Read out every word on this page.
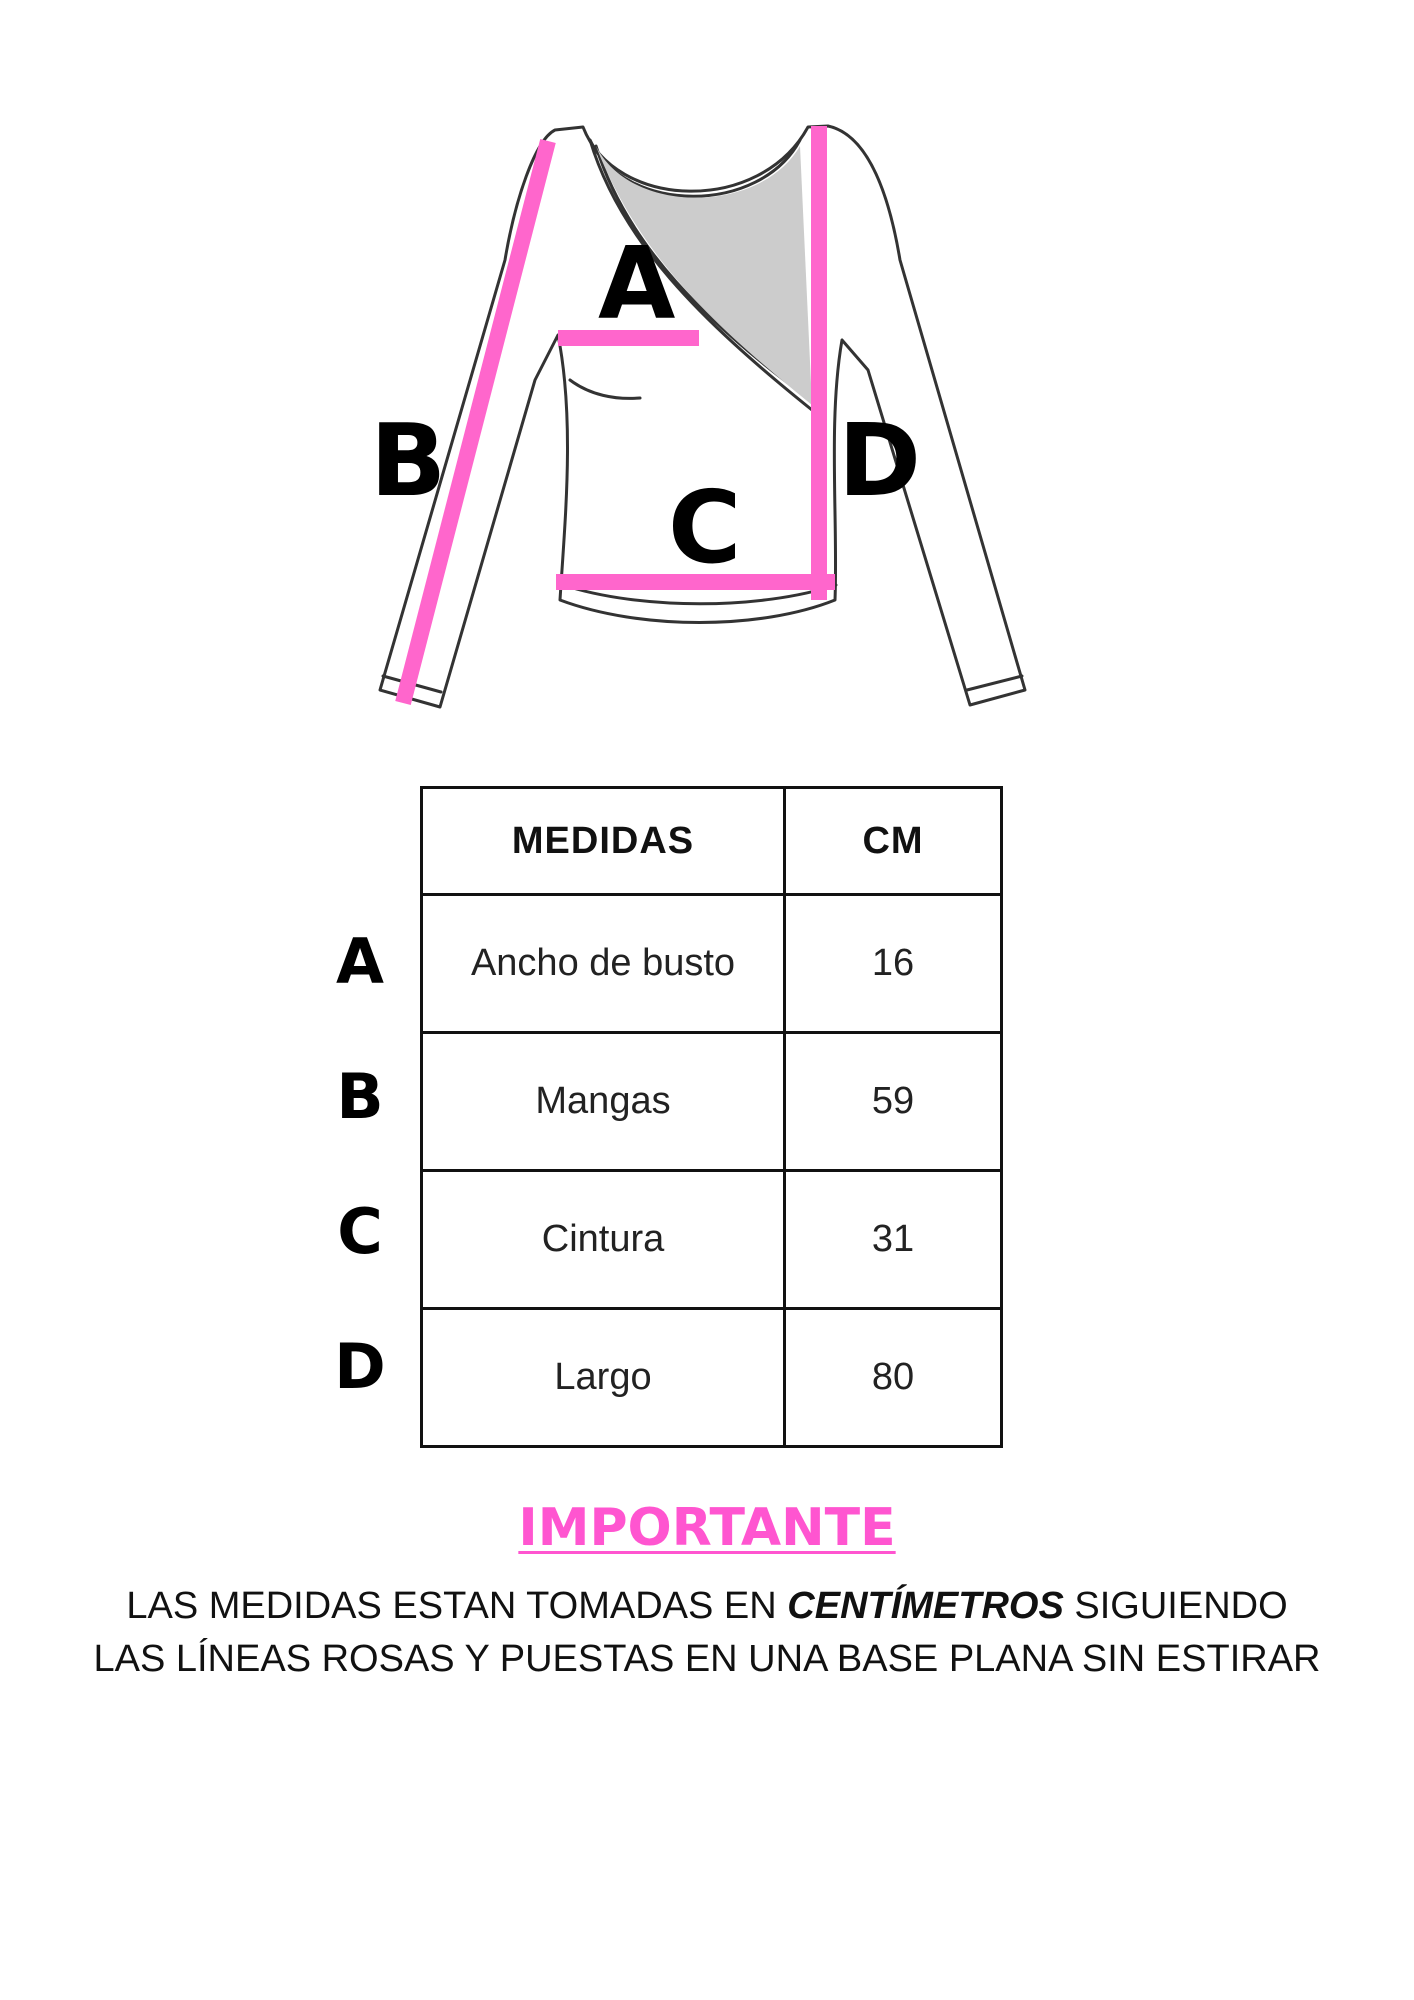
A
B
C
D
A
B
C
D
MEDIDAS	CM
Ancho de busto	16
Mangas	59
Cintura	31
Largo	80
IMPORTANTE
LAS MEDIDAS ESTAN TOMADAS EN CENTÍMETROS SIGUIENDO
LAS LÍNEAS ROSAS Y PUESTAS EN UNA BASE PLANA SIN ESTIRAR
